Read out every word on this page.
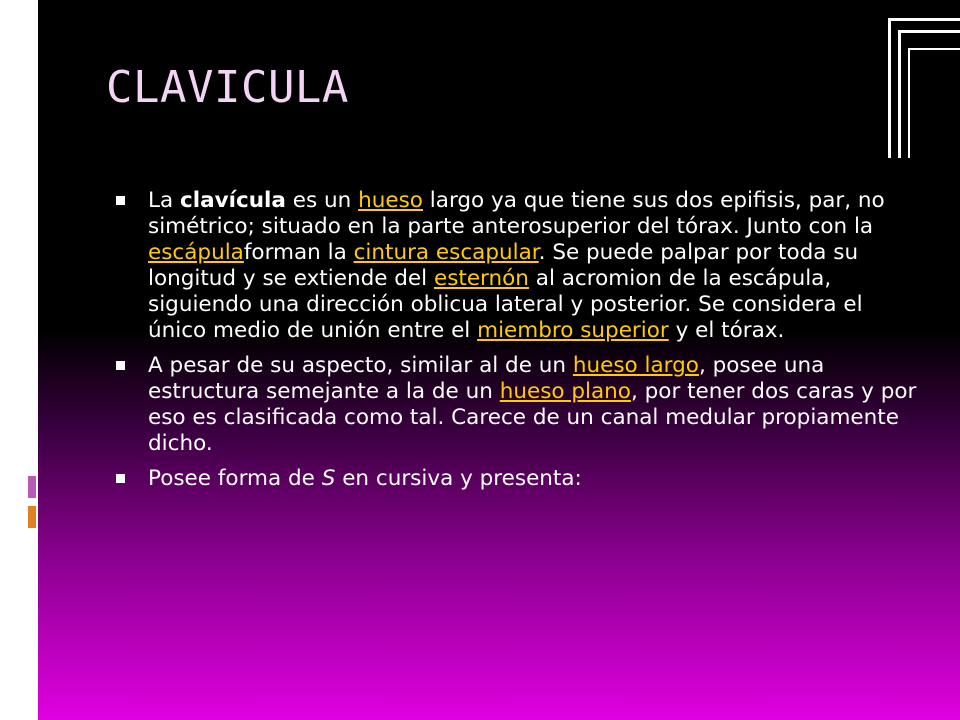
CLAVICULA
La clavícula es un hueso largo ya que tiene sus dos epifisis, par, no simétrico; situado en la parte anterosuperior del tórax. Junto con la escápulaforman la cintura escapular. Se puede palpar por toda su longitud y se extiende del esternón al acromion de la escápula, siguiendo una dirección oblicua lateral y posterior. Se considera el único medio de unión entre el miembro superior y el tórax.
A pesar de su aspecto, similar al de un hueso largo, posee una estructura semejante a la de un hueso plano, por tener dos caras y por eso es clasificada como tal. Carece de un canal medular propiamente dicho.
Posee forma de S en cursiva y presenta:
